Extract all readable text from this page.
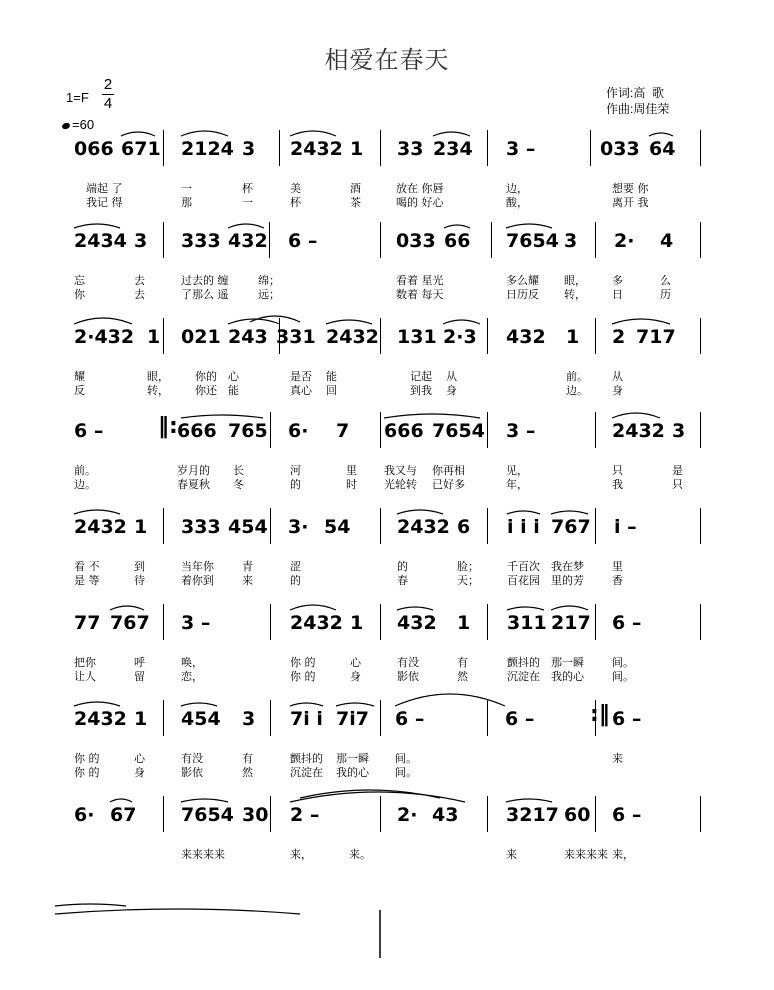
相爱在春天
1=F
2
4
=60
作词:高  歌
作曲:周佳荣
066 671 2124 3 2432 1 33 234 3 –	033 64
端起 了	一	杯	美	酒	放在 你唇	边，	想要 你
我记 得	那	一	杯	茶	喝的 好心	酸，	离开 我
2434 3 333 432 6 –	033 66 7654 3 2· 4
忘	去	过去的 缠	绵；	看着 星光	多么耀 眼， 多	么
你	去	了那么 遥	远；	数着 每天	日历反 转， 日	历
2·432 1 021 243 331 2432 131 2·3 432 1 2 717
耀	眼， 你的 心	是否 能	记起 从	前。 从
反	转， 你还 能	真心 回	到我 身	边。 身
6 –	666 765 6· 7 666 7654 3 –	2432 3
‖:
前。	岁月的 长	河	里 我又与 你再相	见，	只	是
边。	春夏秋 冬	的	时 光轮转 已好多	年，	我	只
2432 1 333 454 3· 54 2432 6 i i i 767 i –
看 不	到	当年你	青	涩	的	脸；	千百次 我在梦	里
是 等	待	着你到	来	的	春	天；	百花园 里的芳	香
77 767 3 –	2432 1 432 1 311 217 6 –
把你	呼	唤，	你 的	心	有没	有	颤抖的 那一瞬	间。
让人	留	恋，	你 的	身	影依	然	沉淀在 我的心	间。
2432 1 454 3 7i i 7i7 6 –	6 –	6 –
:‖
你 的	心	有没	有	颤抖的 那一瞬 间。	来
你 的	身	影依	然	沉淀在 我的心 间。
6· 67 7654 30 2 –	2· 43	3217 60 6 –
来来来来	来，	来	来来来来 来，
来。
